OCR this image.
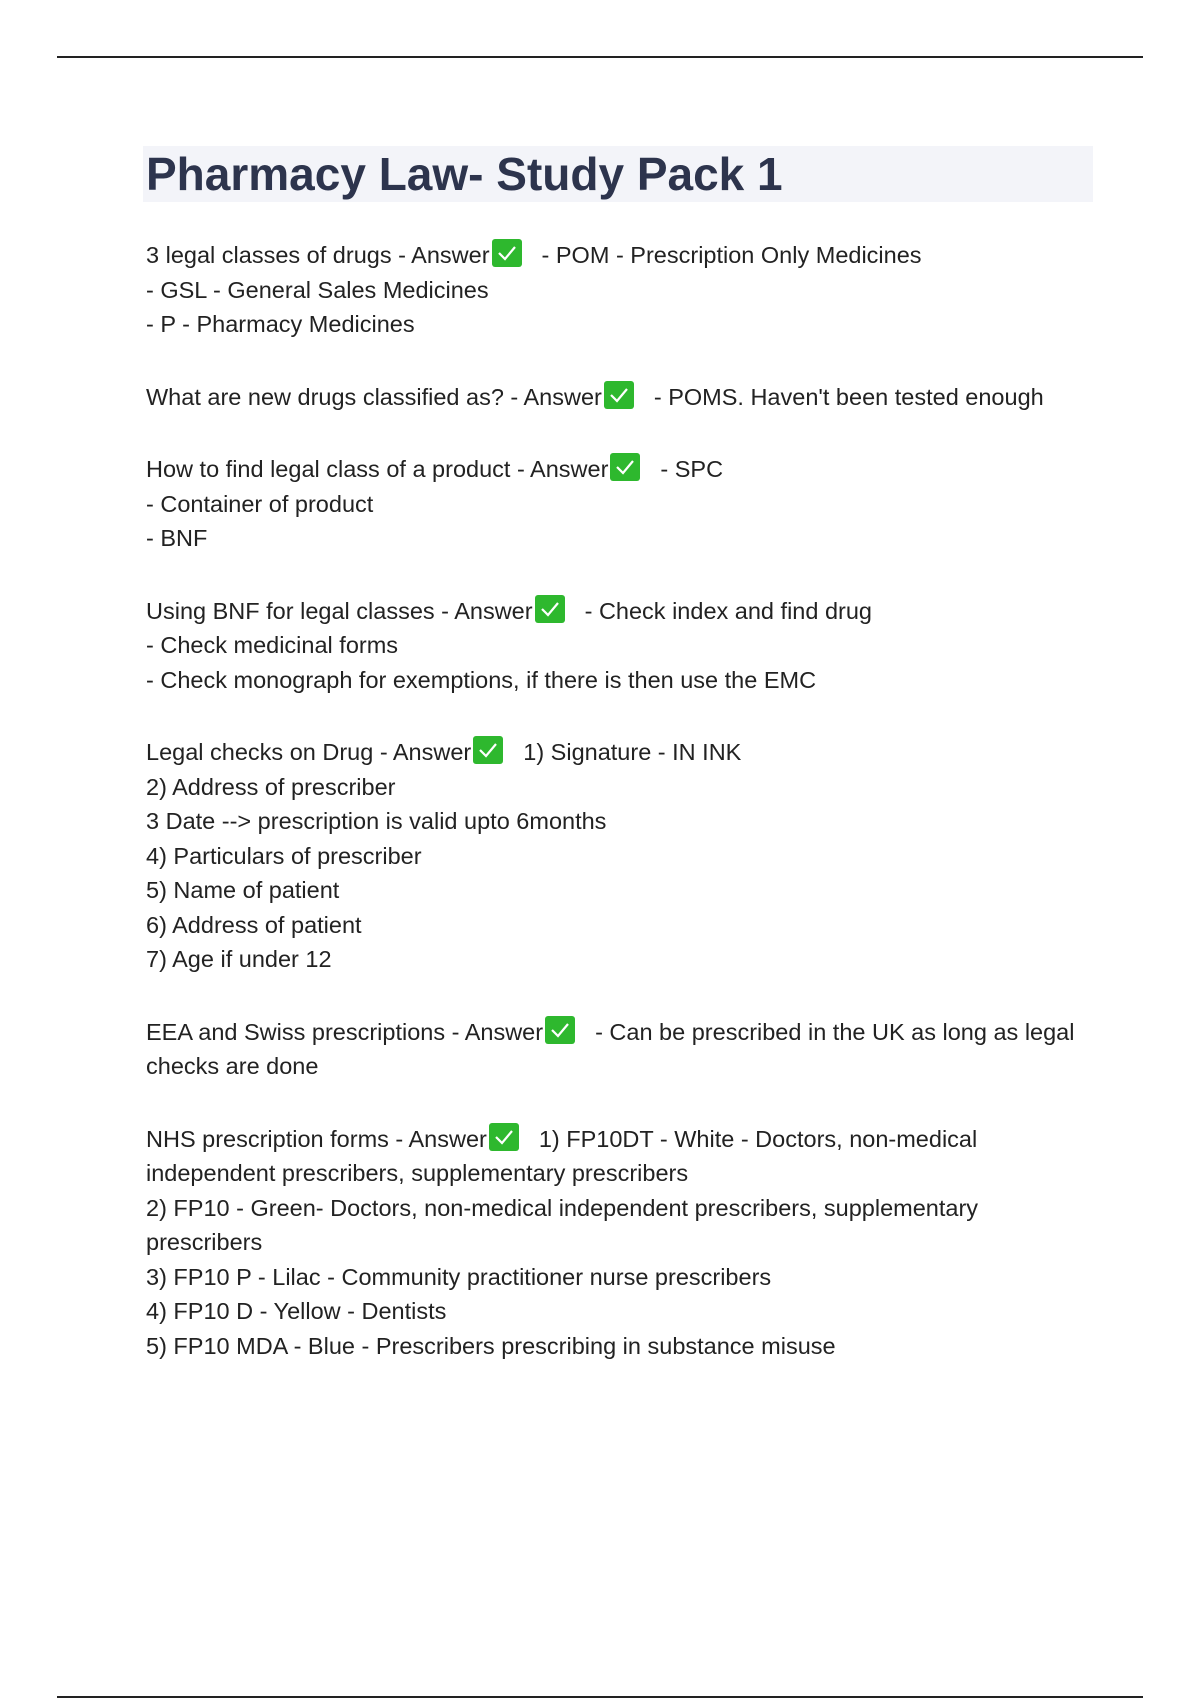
Pharmacy Law- Study Pack 1
3 legal classes of drugs - Answer - POM - Prescription Only Medicines
- GSL - General Sales Medicines
- P - Pharmacy Medicines
What are new drugs classified as? - Answer - POMS. Haven't been tested enough
How to find legal class of a product - Answer - SPC
- Container of product
- BNF
Using BNF for legal classes - Answer - Check index and find drug
- Check medicinal forms
- Check monograph for exemptions, if there is then use the EMC
Legal checks on Drug - Answer 1) Signature - IN INK
2) Address of prescriber
3 Date --> prescription is valid upto 6months
4) Particulars of prescriber
5) Name of patient
6) Address of patient
7) Age if under 12
EEA and Swiss prescriptions - Answer - Can be prescribed in the UK as long as legal checks are done
NHS prescription forms - Answer 1) FP10DT - White - Doctors, non-medical independent prescribers, supplementary prescribers
2) FP10 - Green- Doctors, non-medical independent prescribers, supplementary prescribers
3) FP10 P - Lilac - Community practitioner nurse prescribers
4) FP10 D - Yellow - Dentists
5) FP10 MDA - Blue - Prescribers prescribing in substance misuse
